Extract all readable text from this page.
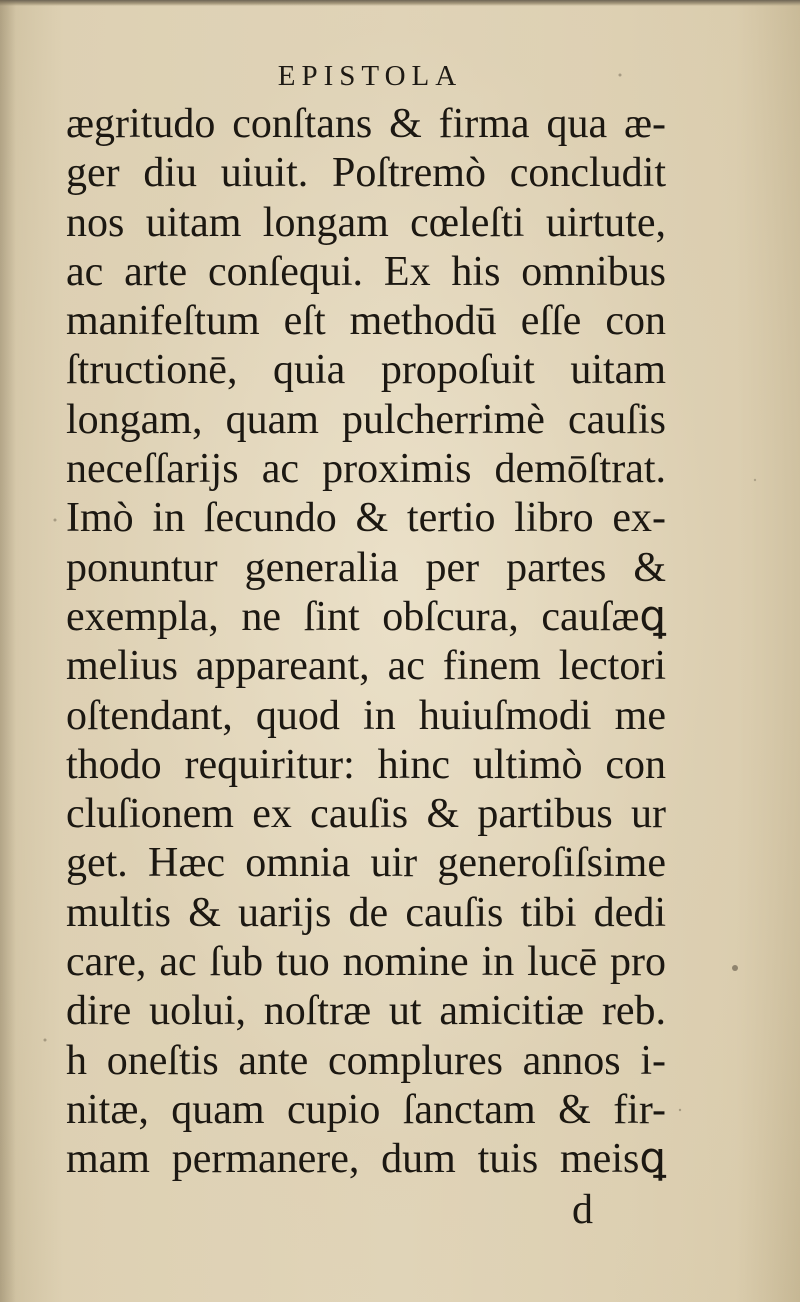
EPISTOLA
ægritudo conſtans & firma qua æ-
ger diu uiuit. Poſtremò concludit
nos uitam longam cœleſti uirtute,
ac arte conſequi. Ex his omnibus
manifeſtum eſt methodū eſſe con
ſtructionē, quia propoſuit uitam
longam, quam pulcherrimè cauſis
neceſſarijs ac proximis demōſtrat.
Imò in ſecundo & tertio libro ex-
ponuntur generalia per partes &
exempla, ne ſint obſcura, cauſæꝗ
melius appareant, ac finem lectori
oſtendant, quod in huiuſmodi me
thodo requiritur: hinc ultimò con
cluſionem ex cauſis & partibus ur
get. Hæc omnia uir generoſiſsime
multis & uarijs de cauſis tibi dedi
care, ac ſub tuo nomine in lucē pro
dire uolui, noſtræ ut amicitiæ reb.
h oneſtis ante complures annos i-
nitæ, quam cupio ſanctam & fir-
mam permanere, dum tuis meisꝗ
d
